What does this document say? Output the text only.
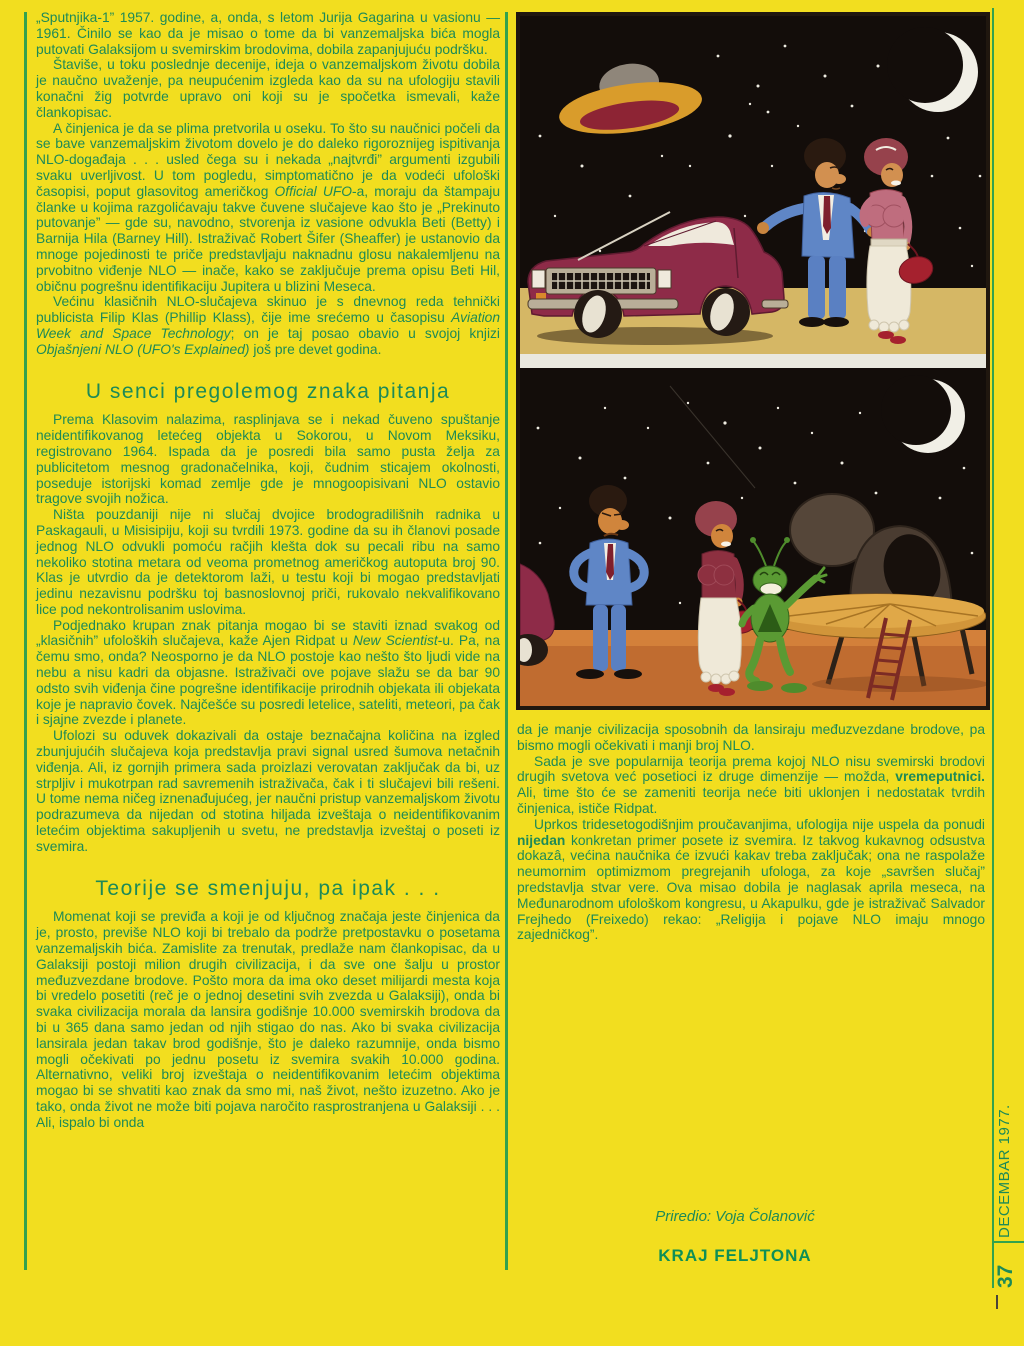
„Sputnjika-1” 1957. godine, a, onda, s letom Jurija Gagarina u vasionu — 1961. Činilo se kao da je misao o tome da bi vanzemaljska bića mogla putovati Galaksijom u svemirskim brodovima, dobila zapanjujuću podršku.

Štaviše, u toku poslednje decenije, ideja o vanzemaljskom životu dobila je naučno uvaženje, pa neupućenim izgleda kao da su na ufologiju stavili konačni žig potvrde upravo oni koji su je spočetka ismevali, kaže člankopisac.

A činjenica je da se plima pretvorila u oseku. To što su naučnici počeli da se bave vanzemaljskim životom dovelo je do daleko rigoroznijeg ispitivanja NLO-događaja . . . usled čega su i nekada „najtvrđi” argumenti izgubili svaku uverljivost. U tom pogledu, simptomatično je da vodeći ufološki časopisi, poput glasovitog američkog Official UFO-a, moraju da štampaju članke u kojima razgolićavaju takve čuvene slučajeve kao što je „Prekinuto putovanje” — gde su, navodno, stvorenja iz vasione odvukla Beti (Betty) i Barnija Hila (Barney Hill). Istraživač Robert Šifer (Sheaffer) je ustanovio da mnoge pojedinosti te priče predstavljaju naknadnu glosu nakalemljenu na prvobitno viđenje NLO — inače, kako se zaključuje prema opisu Beti Hil, običnu pogrešnu identifikaciju Jupitera u blizini Meseca.

Većinu klasičnih NLO-slučajeva skinuo je s dnevnog reda tehnički publicista Filip Klas (Phillip Klass), čije ime srećemo u časopisu Aviation Week and Space Technology; on je taj posao obavio u svojoj knjizi Objašnjeni NLO (UFO's Explained) još pre devet godina.

U senci pregolemog znaka pitanja

Prema Klasovim nalazima, rasplinjava se i nekad čuveno spuštanje neidentifikovanog letećeg objekta u Sokorou, u Novom Meksiku, registrovano 1964. Ispada da je posredi bila samo pusta želja za publicitetom mesnog gradonačelnika, koji, čudnim sticajem okolnosti, poseduje istorijski komad zemlje gde je mnogoopisivani NLO ostavio tragove svojih nožica.

Ništa pouzdaniji nije ni slučaj dvojice brodogradilišnih radnika u Paskagauli, u Misisipiju, koji su tvrdili 1973. godine da su ih članovi posade jednog NLO odvukli pomoću račjih klešta dok su pecali ribu na samo nekoliko stotina metara od veoma prometnog američkog autoputa broj 90. Klas je utvrdio da je detektorom laži, u testu koji bi mogao predstavljati jedinu nezavisnu podršku toj basnoslovnoj priči, rukovalo nekvalifikovano lice pod nekontrolisanim uslovima.

Podjednako krupan znak pitanja mogao bi se staviti iznad svakog od „klasičnih” ufoloških slučajeva, kaže Ajen Ridpat u New Scientist-u. Pa, na čemu smo, onda? Neosporno je da NLO postoje kao nešto što ljudi vide na nebu a nisu kadri da objasne. Istraživači ove pojave slažu se da bar 90 odsto svih viđenja čine pogrešne identifikacije prirodnih objekata ili objekata koje je napravio čovek. Najčešće su posredi letelice, sateliti, meteori, pa čak i sjajne zvezde i planete.

Ufolozi su oduvek dokazivali da ostaje beznačajna količina na izgled zbunjujućih slučajeva koja predstavlja pravi signal usred šumova netačnih viđenja. Ali, iz gornjih primera sada proizlazi verovatan zaključak da bi, uz strpljiv i mukotrpan rad savremenih istraživača, čak i ti slučajevi bili rešeni. U tome nema ničeg iznenađujućeg, jer naučni pristup vanzemaljskom životu podrazumeva da nijedan od stotina hiljada izveštaja o neidentifikovanim letećim objektima sakupljenih u svetu, ne predstavlja izveštaj o poseti iz svemira.

Teorije se smenjuju, pa ipak . . .

Momenat koji se previđa a koji je od ključnog značaja jeste činjenica da je, prosto, previše NLO koji bi trebalo da podrže pretpostavku o posetama vanzemaljskih bića. Zamislite za trenutak, predlaže nam člankopisac, da u Galaksiji postoji milion drugih civilizacija, i da sve one šalju u prostor međuzvezdane brodove. Pošto mora da ima oko deset milijardi mesta koja bi vredelo posetiti (reč je o jednoj desetini svih zvezda u Galaksiji), onda bi svaka civilizacija morala da lansira godišnje 10.000 svemirskih brodova da bi u 365 dana samo jedan od njih stigao do nas. Ako bi svaka civilizacija lansirala jedan takav brod godišnje, što je daleko razumnije, onda bismo mogli očekivati po jednu posetu iz svemira svakih 10.000 godina. Alternativno, veliki broj izveštaja o neidentifikovanim letećim objektima mogao bi se shvatiti kao znak da smo mi, naš život, nešto izuzetno. Ako je tako, onda život ne može biti pojava naročito rasprostranjena u Galaksiji . . . Ali, ispalo bi onda

da je manje civilizacija sposobnih da lansiraju međuzvezdane brodove, pa bismo mogli očekivati i manji broj NLO.

Sada je sve popularnija teorija prema kojoj NLO nisu svemirski brodovi drugih svetova već posetioci iz druge dimenzije — možda, vremeputnici. Ali, time što će se zameniti teorija neće biti uklonjen i nedostatak tvrdih činjenica, ističe Ridpat.

Uprkos tridesetogodišnjim proučavanjima, ufologija nije uspela da ponudi nijedan konkretan primer posete iz svemira. Iz takvog kukavnog odsustva dokazâ, većina naučnika će izvući kakav treba zaključak; ona ne raspolaže neumornim optimizmom pregrejanih ufologa, za koje „savršen slučaj” predstavlja stvar vere. Ova misao dobila je naglasak aprila meseca, na Međunarodnom ufološkom kongresu, u Akapulku, gde je istraživač Salvador Frejhedo (Freixedo) rekao: „Religija i pojave NLO imaju mnogo zajedničkog”.

Priredio: Voja Čolanović
KRAJ FELJTONA
DECEMBAR 1977.
37
